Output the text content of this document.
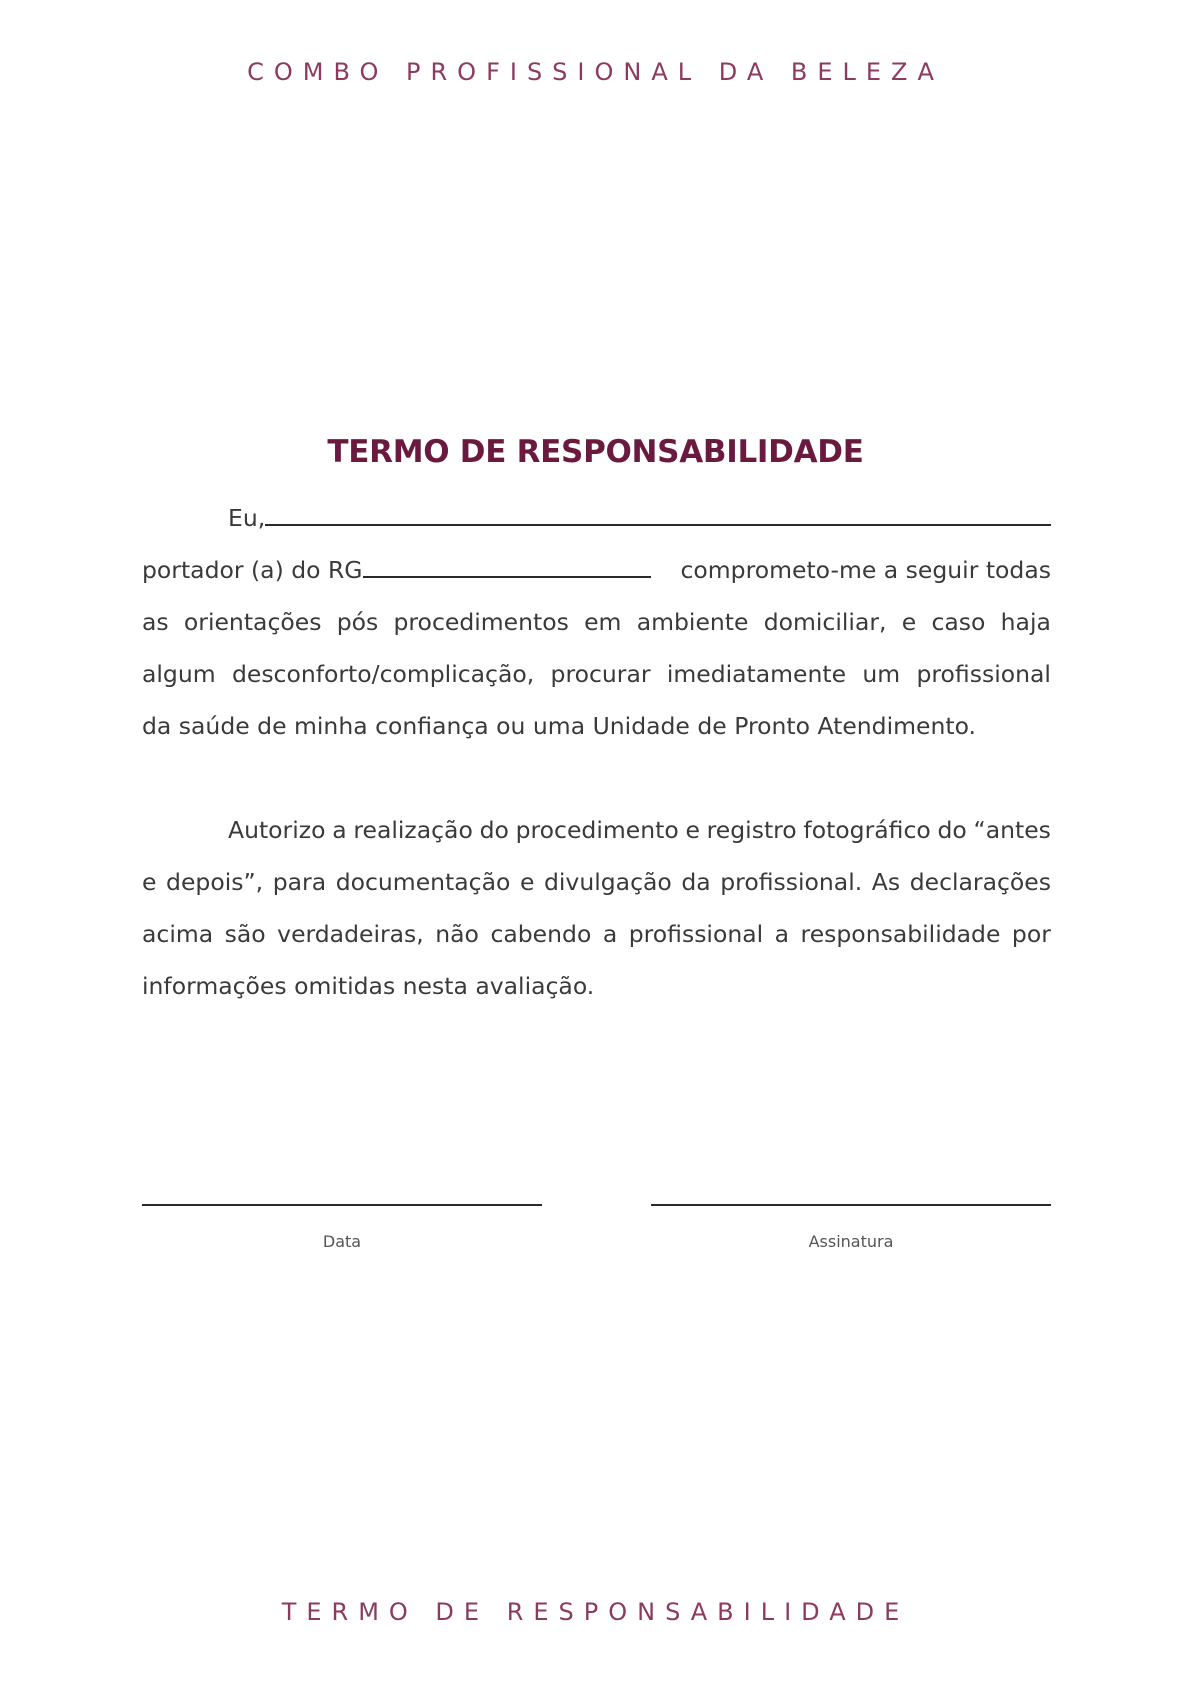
COMBO PROFISSIONAL DA BELEZA
TERMO DE RESPONSABILIDADE
Eu,
portador (a) do RG	comprometo-me a seguir todas
as orientações pós procedimentos em ambiente domiciliar, e caso haja
algum desconforto/complicação, procurar imediatamente um profissional
da saúde de minha confiança ou uma Unidade de Pronto Atendimento.
Autorizo a realização do procedimento e registro fotográfico do “antes
e depois”, para documentação e divulgação da profissional. As declarações
acima são verdadeiras, não cabendo a profissional a responsabilidade por
informações omitidas nesta avaliação.
Data	Assinatura
TERMO DE RESPONSABILIDADE
